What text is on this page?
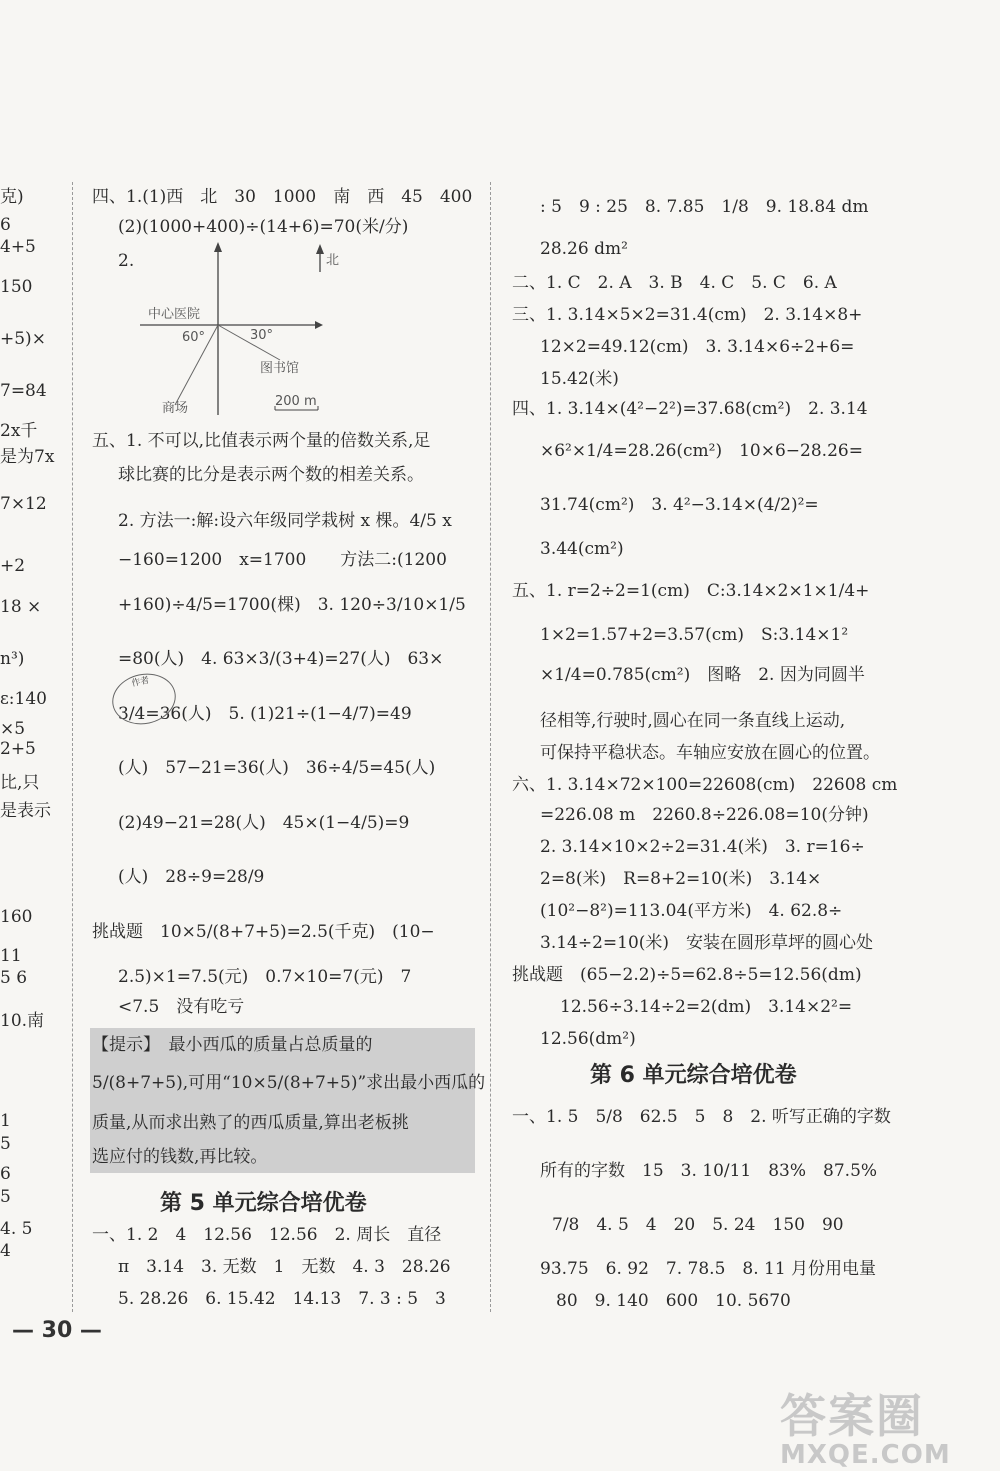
克)
6
4+5
150
+5)×
7=84
2x千
是为7x
7×12
+2
18 ×
n³)
ɛ:140
×5
2+5
比,只
是表示
160
11
5 6
10.南
1
5
6
5
4. 5
4
四、1.(1)西　北　30　1000　南　西　45　400
(2)(1000+400)÷(14+6)=70(米/分)
2.
五、1. 不可以,比值表示两个量的倍数关系,足
球比赛的比分是表示两个数的相差关系。
2. 方法一:解:设六年级同学栽树 x 棵。4/5 x
−160=1200　x=1700　　方法二:(1200
+160)÷4/5=1700(棵)　3. 120÷3/10×1/5
=80(人)　4. 63×3/(3+4)=27(人)　63×
3/4=36(人)　5. (1)21÷(1−4/7)=49
(人)　57−21=36(人)　36÷4/5=45(人)
(2)49−21=28(人)　45×(1−4/5)=9
(人)　28÷9=28/9
挑战题　10×5/(8+7+5)=2.5(千克)　(10−
2.5)×1=7.5(元)　0.7×10=7(元)　7
<7.5　没有吃亏
【提示】　最小西瓜的质量占总质量的
5/(8+7+5),可用“10×5/(8+7+5)”求出最小西瓜的
质量,从而求出熟了的西瓜质量,算出老板挑
选应付的钱数,再比较。
一、1. 2　4　12.56　12.56　2. 周长　直径
π　3.14　3. 无数　1　无数　4. 3　28.26
5. 28.26　6. 15.42　14.13　7. 3 : 5　3
北
中心医院
60°	30°
图书馆
商场	200 m
作者
: 5　9 : 25　8. 7.85　1/8　9. 18.84 dm
28.26 dm²
二、1. C　2. A　3. B　4. C　5. C　6. A
三、1. 3.14×5×2=31.4(cm)　2. 3.14×8+
12×2=49.12(cm)　3. 3.14×6÷2+6=
15.42(米)
四、1. 3.14×(4²−2²)=37.68(cm²)　2. 3.14
×6²×1/4=28.26(cm²)　10×6−28.26=
31.74(cm²)　3. 4²−3.14×(4/2)²=
3.44(cm²)
五、1. r=2÷2=1(cm)　C:3.14×2×1×1/4+
1×2=1.57+2=3.57(cm)　S:3.14×1²
×1/4=0.785(cm²)　图略　2. 因为同圆半
径相等,行驶时,圆心在同一条直线上运动,
可保持平稳状态。车轴应安放在圆心的位置。
六、1. 3.14×72×100=22608(cm)　22608 cm
=226.08 m　2260.8÷226.08=10(分钟)
2. 3.14×10×2÷2=31.4(米)　3. r=16÷
2=8(米)　R=8+2=10(米)　3.14×
(10²−8²)=113.04(平方米)　4. 62.8÷
3.14÷2=10(米)　安装在圆形草坪的圆心处
挑战题　(65−2.2)÷5=62.8÷5=12.56(dm)
12.56÷3.14÷2=2(dm)　3.14×2²=
12.56(dm²)
一、1. 5　5/8　62.5　5　8　2. 听写正确的字数
所有的字数　15　3. 10/11　83%　87.5%
7/8　4. 5　4　20　5. 24　150　90
93.75　6. 92　7. 78.5　8. 11 月份用电量
80　9. 140　600　10. 5670
第 5 单元综合培优卷
第 6 单元综合培优卷
— 30 —
答案圈
MXQE.COM
